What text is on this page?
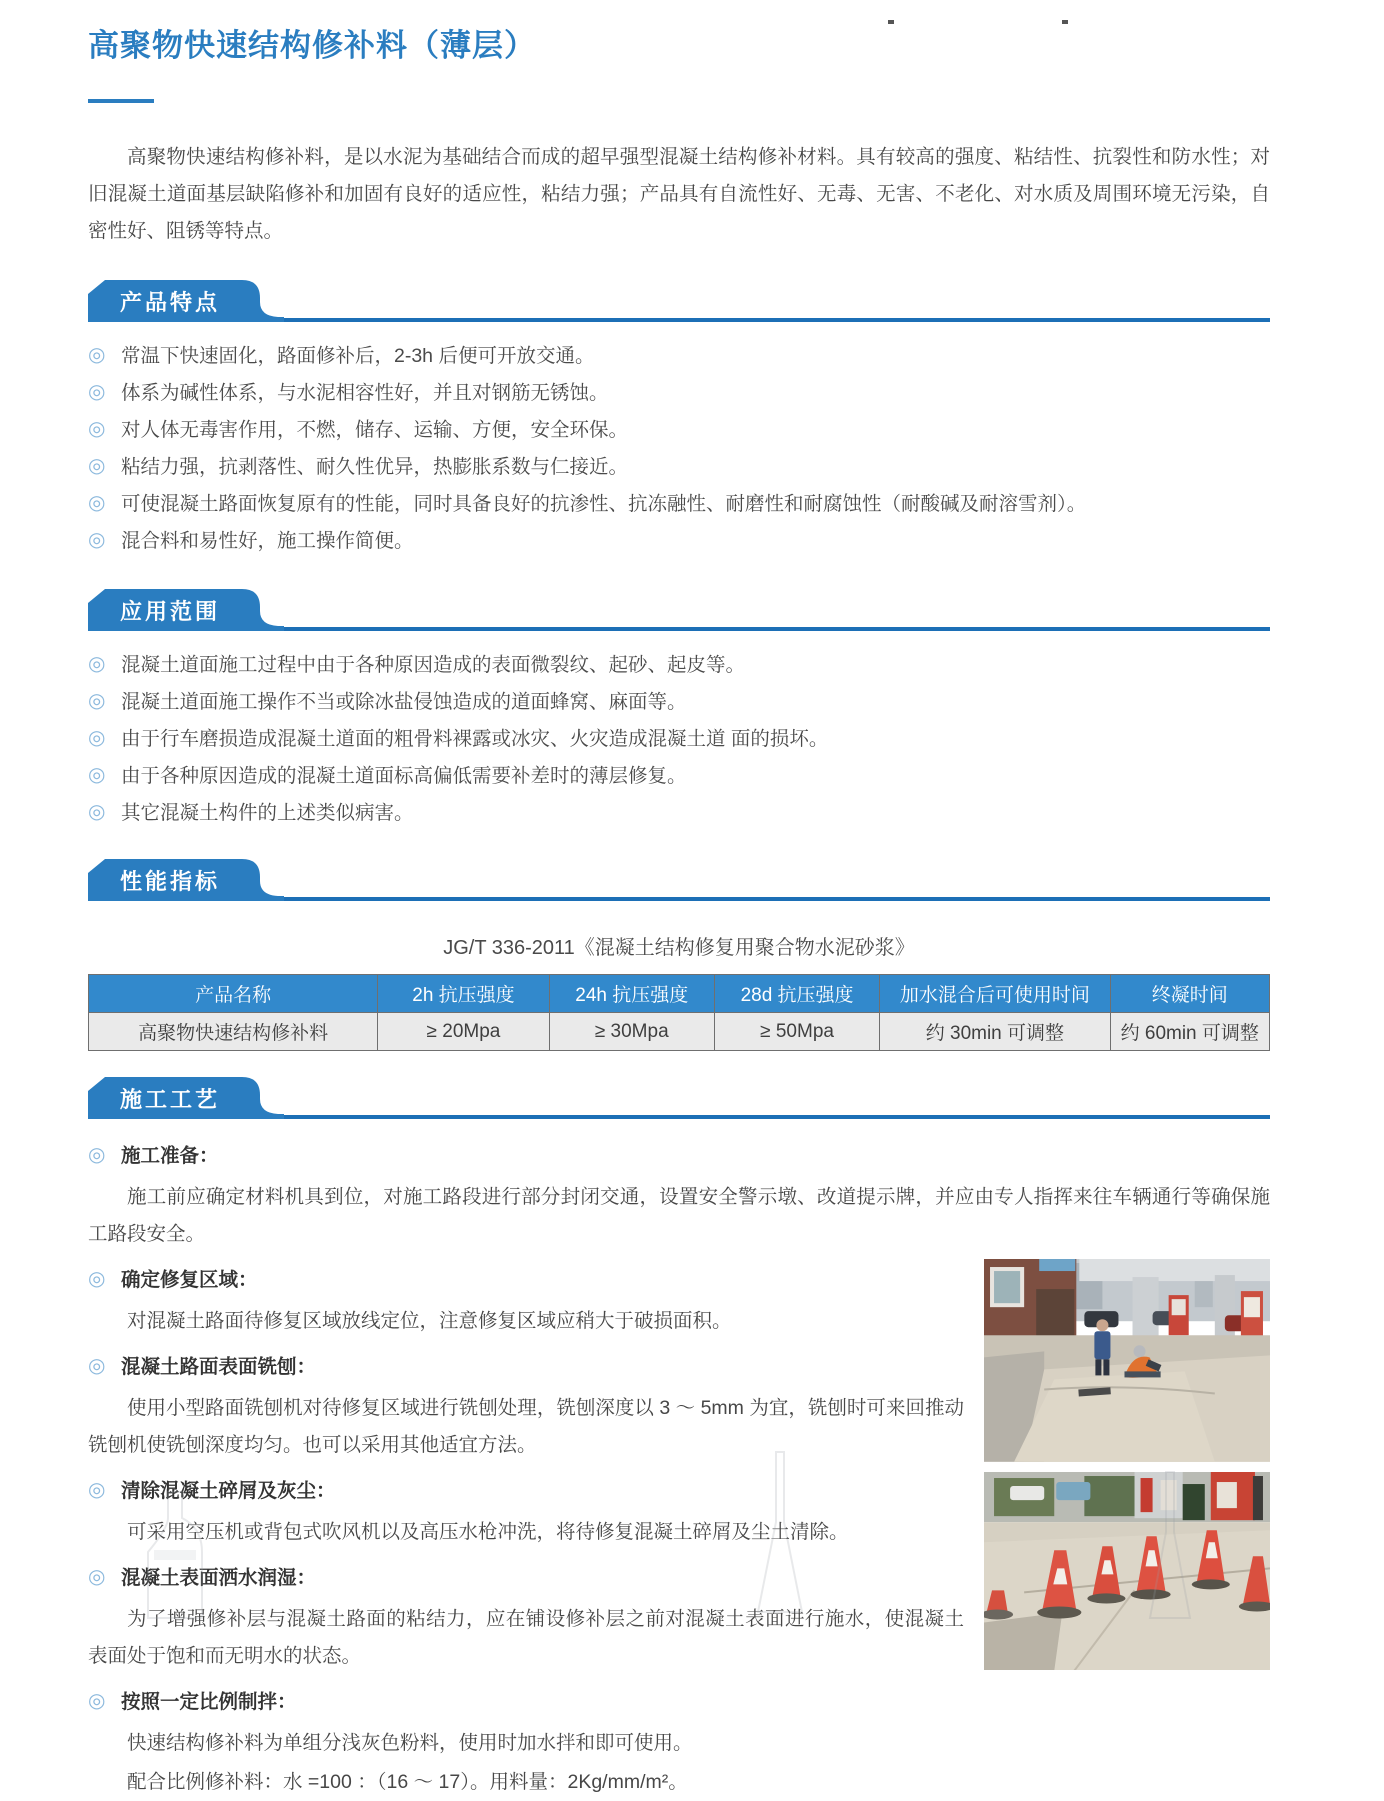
高聚物快速结构修补料（薄层）

高聚物快速结构修补料，是以水泥为基础结合而成的超早强型混凝土结构修补材料。具有较高的强度、粘结性、抗裂性和防水性；对旧混凝土道面基层缺陷修补和加固有良好的适应性，粘结力强；产品具有自流性好、无毒、无害、不老化、对水质及周围环境无污染，自密性好、阻锈等特点。

产品特点
◎ 常温下快速固化，路面修补后，2-3h 后便可开放交通。
◎ 体系为碱性体系，与水泥相容性好，并且对钢筋无锈蚀。
◎ 对人体无毒害作用，不燃，储存、运输、方便，安全环保。
◎ 粘结力强，抗剥落性、耐久性优异，热膨胀系数与仁接近。
◎ 可使混凝土路面恢复原有的性能，同时具备良好的抗渗性、抗冻融性、耐磨性和耐腐蚀性（耐酸碱及耐溶雪剂）。
◎ 混合料和易性好，施工操作简便。
应用范围
◎ 混凝土道面施工过程中由于各种原因造成的表面微裂纹、起砂、起皮等。
◎ 混凝土道面施工操作不当或除冰盐侵蚀造成的道面蜂窝、麻面等。
◎ 由于行车磨损造成混凝土道面的粗骨料裸露或冰灾、火灾造成混凝土道 面的损坏。
◎ 由于各种原因造成的混凝土道面标高偏低需要补差时的薄层修复。
◎ 其它混凝土构件的上述类似病害。
性能指标
JG/T 336-2011《混凝土结构修复用聚合物水泥砂浆》
产品名称	2h 抗压强度	24h 抗压强度	28d 抗压强度	加水混合后可使用时间	终凝时间
高聚物快速结构修补料	≥ 20Mpa	≥ 30Mpa	≥ 50Mpa	约 30min 可调整	约 60min 可调整
施工工艺
◎ 施工准备：

施工前应确定材料机具到位，对施工路段进行部分封闭交通，设置安全警示墩、改道提示牌，并应由专人指挥来往车辆通行等确保施工路段安全。

◎ 确定修复区域：

对混凝土路面待修复区域放线定位，注意修复区域应稍大于破损面积。

◎ 混凝土路面表面铣刨：

使用小型路面铣刨机对待修复区域进行铣刨处理，铣刨深度以 3 ～ 5mm 为宜，铣刨时可来回推动铣刨机使铣刨深度均匀。也可以采用其他适宜方法。

◎ 清除混凝土碎屑及灰尘：

可采用空压机或背包式吹风机以及高压水枪冲洗，将待修复混凝土碎屑及尘土清除。

◎ 混凝土表面洒水润湿：

为了增强修补层与混凝土路面的粘结力，应在铺设修补层之前对混凝土表面进行施水，使混凝土表面处于饱和而无明水的状态。

◎ 按照一定比例制拌：

快速结构修补料为单组分浅灰色粉料，使用时加水拌和即可使用。

配合比例修补料：水 =100 ：（16 ～ 17）。用料量：2Kg/mm/m²。
